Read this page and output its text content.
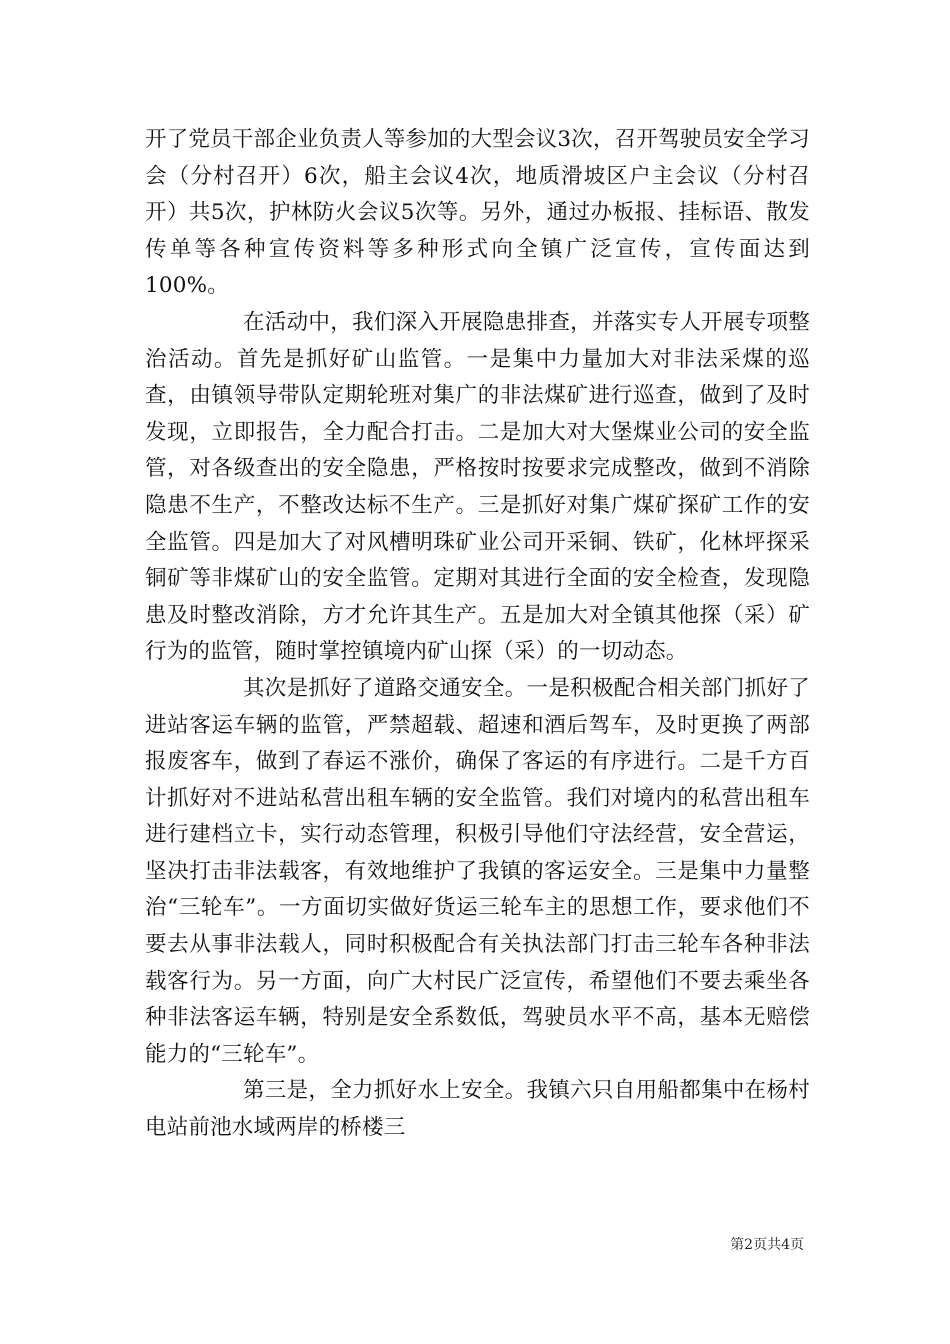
开了党员干部企业负责人等参加的大型会议3次，召开驾驶员安全学习会（分村召开）6次，船主会议4次，地质滑坡区户主会议（分村召开）共5次，护林防火会议5次等。另外，通过办板报、挂标语、散发传单等各种宣传资料等多种形式向全镇广泛宣传，宣传面达到100%。

在活动中，我们深入开展隐患排查，并落实专人开展专项整治活动。首先是抓好矿山监管。一是集中力量加大对非法采煤的巡查，由镇领导带队定期轮班对集广的非法煤矿进行巡查，做到了及时发现，立即报告，全力配合打击。二是加大对大堡煤业公司的安全监管，对各级查出的安全隐患，严格按时按要求完成整改，做到不消除隐患不生产，不整改达标不生产。三是抓好对集广煤矿探矿工作的安全监管。四是加大了对风槽明珠矿业公司开采铜、铁矿，化林坪探采铜矿等非煤矿山的安全监管。定期对其进行全面的安全检查，发现隐患及时整改消除，方才允许其生产。五是加大对全镇其他探（采）矿行为的监管，随时掌控镇境内矿山探（采）的一切动态。

其次是抓好了道路交通安全。一是积极配合相关部门抓好了进站客运车辆的监管，严禁超载、超速和酒后驾车，及时更换了两部报废客车，做到了春运不涨价，确保了客运的有序进行。二是千方百计抓好对不进站私营出租车辆的安全监管。我们对境内的私营出租车进行建档立卡，实行动态管理，积极引导他们守法经营，安全营运，坚决打击非法载客，有效地维护了我镇的客运安全。三是集中力量整治“三轮车”。一方面切实做好货运三轮车主的思想工作，要求他们不要去从事非法载人，同时积极配合有关执法部门打击三轮车各种非法载客行为。另一方面，向广大村民广泛宣传，希望他们不要去乘坐各种非法客运车辆，特别是安全系数低，驾驶员水平不高，基本无赔偿能力的“三轮车”。

第三是，全力抓好水上安全。我镇六只自用船都集中在杨村电站前池水域两岸的桥楼三

第2页共4页
